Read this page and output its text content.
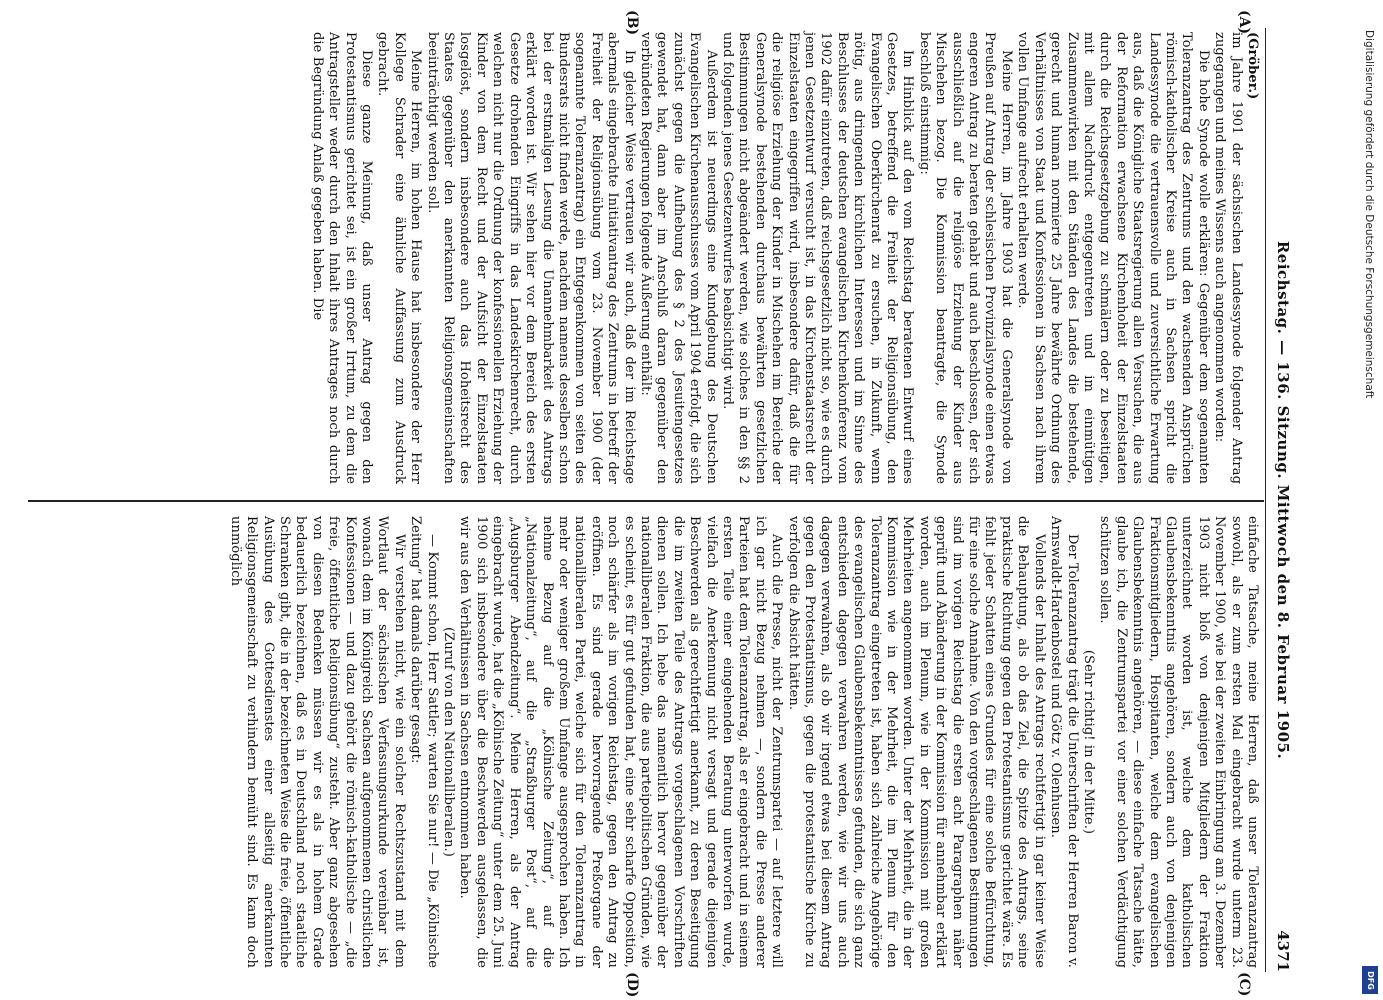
Reichstag. — 136. Sitzung. Mittwoch den 8. Februar 1905.
4371
(A)
(B)
(C)
(D)

(Gröber.)

im Jahre 1901 der sächsischen Landessynode folgender Antrag zugegangen und meines Wissens auch angenommen worden:

Die hohe Synode wolle erklären: Gegenüber dem sogenannten Toleranzantrag des Zentrums und den wachsenden Ansprüchen römisch-katholischer Kreise auch in Sachsen spricht die Landessynode die vertrauensvolle und zuversichtliche Erwartung aus, daß die Königliche Staatsregierung allen Versuchen, die aus der Reformation erwachsene Kirchenhoheit der Einzelstaaten durch die Reichsgesetzgebung zu schmälern oder zu beseitigen, mit allem Nachdruck entgegentreten und im einmütigen Zusammenwirken mit den Ständen des Landes die bestehende, gerecht und human normierte 25 Jahre bewährte Ordnung des Verhältnisses von Staat und Konfessionen in Sachsen nach ihrem vollen Umfange aufrecht erhalten werde.

Meine Herren, im Jahre 1903 hat die Generalsynode von Preußen auf Antrag der schlesischen Provinzialsynode einen etwas engeren Antrag zu beraten gehabt und auch beschlossen, der sich ausschließlich auf die religiöse Erziehung der Kinder aus Mischehen bezog. Die Kommission beantragte, die Synode beschloß einstimmig:

Im Hinblick auf den vom Reichstag beratenen Entwurf eines Gesetzes, betreffend die Freiheit der Religionsübung, den Evangelischen Oberkirchenrat zu ersuchen, in Zukunft, wenn nötig, aus dringenden kirchlichen Interessen und im Sinne des Beschlusses der deutschen evangelischen Kirchenkonferenz vom 1902 dafür einzutreten, daß reichsgesetzlich nicht so, wie es durch jenen Gesetzentwurf versucht ist, in das Kirchenstaatsrecht der Einzelstaaten eingegriffen wird, insbesondere dafür, daß die für die religiöse Erziehung der Kinder in Mischehen im Bereiche der Generalsynode bestehenden durchaus bewährten gesetzlichen Bestimmungen nicht abgeändert werden, wie solches in den §§ 2 und folgenden jenes Gesetzentwurfes beabsichtigt wird.

Außerdem ist neuerdings eine Kundgebung des Deutschen Evangelischen Kirchenausschusses vom April 1904 erfolgt, die sich zunächst gegen die Aufhebung des § 2 des Jesuitengesetzes gewendet hat, dann aber im Anschluß daran gegenüber den verbündeten Regierungen folgende Äußerung enthält:

In gleicher Weise vertrauen wir auch, daß der im Reichstage abermals eingebrachte Initiativantrag des Zentrums in betreff der Freiheit der Religionsübung vom 23. November 1900 (der sogenannte Toleranzantrag) ein Entgegenkommen von seiten des Bundesrats nicht finden werde, nachdem namens desselben schon bei der erstmaligen Lesung die Unannehmbarkeit des Antrags erklärt worden ist. Wir sehen hier vor dem Bereich des ersten Gesetze drohenden Eingriffs in das Landeskirchenrecht, durch welchen nicht nur die Ordnung der konfessionellen Erziehung der Kinder von dem Recht und der Aufsicht der Einzelstaaten losgelöst, sondern insbesondere auch das Hoheitsrecht des Staates gegenüber den anerkannten Religionsgemeinschaften beeinträchtigt werden soll.

Meine Herren, im hohen Hause hat insbesondere der Herr Kollege Schrader eine ähnliche Auffassung zum Ausdruck gebracht.

Diese ganze Meinung, daß unser Antrag gegen den Protestantismus gerichtet sei, ist ein großer Irrtum, zu dem die Antragsteller weder durch den Inhalt ihres Antrages noch durch die Begründung Anlaß gegeben haben. Die

einfache Tatsache, meine Herren, daß unser Toleranzantrag sowohl, als er zum ersten Mal eingebracht wurde unterm 23. November 1900, wie bei der zweiten Einbringung am 3. Dezember 1903 nicht bloß von denjenigen Mitgliedern der Fraktion unterzeichnet worden ist, welche dem katholischen Glaubensbekenntnis angehören, sondern auch von denjenigen Fraktionsmitgliedern, Hospitanten, welche dem evangelischen Glaubensbekenntnis angehören, — diese einfache Tatsache hätte, glaube ich, die Zentrumspartei vor einer solchen Verdächtigung schützen sollen.

(Sehr richtig! in der Mitte.)

Der Toleranzantrag trägt die Unterschriften der Herren Baron v. Arnswaldt-Hardenbostel und Götz v. Olenhusen.

Vollends der Inhalt des Antrags rechtfertigt in gar keiner Weise die Behauptung, als ob das Ziel, die Spitze des Antrags, seine praktische Richtung gegen den Protestantismus gerichtet wäre. Es fehlt jeder Schatten eines Grundes für eine solche Befürchtung, für eine solche Annahme. Von den vorgeschlagenen Bestimmungen sind im vorigen Reichstag die ersten acht Paragraphen näher geprüft und Abänderung in der Kommission für annehmbar erklärt worden, auch im Plenum, wie in der Kommission mit großen Mehrheiten angenommen worden. Unter der Mehrheit, die in der Kommission wie in der Mehrheit, die im Plenum für den Toleranzantrag eingetreten ist, haben sich zahlreiche Angehörige des evangelischen Glaubensbekenntnisses gefunden, die sich ganz entschieden dagegen verwahren werden, wie wir uns auch dagegen verwahren, als ob wir irgend etwas bei diesem Antrag gegen den Protestantismus, gegen die protestantische Kirche zu verfolgen die Absicht hätten.

Auch die Presse, nicht der Zentrumspartei — auf letztere will ich gar nicht Bezug nehmen —, sondern die Presse anderer Parteien hat dem Toleranzantrag, als er eingebracht und in seinem ersten Teile einer eingehenden Beratung unterworfen wurde, vielfach die Anerkennung nicht versagt und gerade diejenigen Beschwerden als gerechtfertigt anerkannt, zu deren Beseitigung die im zweiten Teile des Antrags vorgeschlagenen Vorschriften dienen sollen. Ich hebe das namentlich hervor gegenüber der nationalliberalen Fraktion, die aus parteipolitischen Gründen, wie es scheint, es für gut gefunden hat, eine sehr scharfe Opposition, noch schärfer als im vorigen Reichstag, gegen den Antrag zu eröffnen. Es sind gerade hervorragende Preßorgane der nationalliberalen Partei, welche sich für den Toleranzantrag in mehr oder weniger großem Umfange ausgesprochen haben. Ich nehme Bezug auf die „Kölnische Zeitung“, auf die „Nationalzeitung“, auf die „Straßburger Post“, auf die „Augsburger Abendzeitung“. Meine Herren, als der Antrag eingebracht wurde, hat die „Kölnische Zeitung“ unter dem 25. Juni 1900 sich insbesondere über die Beschwerden ausgelassen, die wir aus den Verhältnissen in Sachsen entnommen haben.

(Zuruf von den Nationalliberalen.)

— Kommt schon, Herr Sattler; warten Sie nur! — Die „Kölnische Zeitung“ hat damals darüber gesagt:

Wir verstehen nicht, wie ein solcher Rechtszustand mit dem Wortlaut der sächsischen Verfassungsurkunde vereinbar ist, wonach dem im Königreich Sachsen aufgenommenen christlichen Konfessionen — und dazu gehört die römisch-katholische — „die freie, öffentliche Religionsübung“ zusteht. Aber ganz abgesehen von diesen Bedenken müssen wir es als in hohem Grade bedauerlich bezeichnen, daß es in Deutschland noch staatliche Schranken gibt, die in der bezeichneten Weise die freie, öffentliche Ausübung des Gottesdienstes einer allseitig anerkannten Religionsgemeinschaft zu verhindern bemüht sind. Es kann doch unmöglich

Digitalisierung gefördert durch die Deutsche Forschungsgemeinschaft
DFG
